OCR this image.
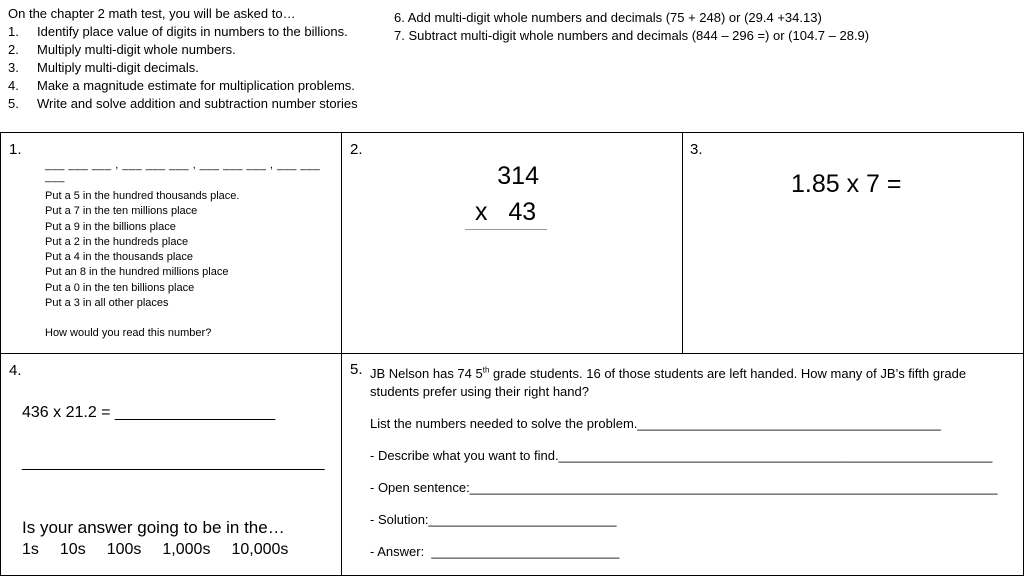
On the chapter 2 math test, you will be asked to…
1. Identify place value of digits in numbers to the billions.
2. Multiply multi-digit whole numbers.
3. Multiply multi-digit decimals.
4. Make a magnitude estimate for multiplication problems.
5. Write and solve addition and subtraction number stories
6. Add multi-digit whole numbers and decimals (75 + 248) or (29.4 +34.13)
7. Subtract multi-digit whole numbers and decimals (844 – 296 =) or (104.7 – 28.9)
1.
___ ___ ___ , ___ ___ ___ , ___ ___ ___ , ___ ___ ___
Put a 5 in the hundred thousands place.
Put a 7 in the ten millions place
Put a 9 in the billions place
Put a 2 in the hundreds place
Put a 4 in the thousands place
Put an 8 in the hundred millions place
Put a 0 in the ten billions place
Put a 3 in all other places
How would you read this number?
2.
314
x   43
3.
1.85 x 7 =
4.
436 x 21.2 = __________________
__________________________________
Is your answer going to be in the…
1s 10s 100s 1,000s 10,000s
5. JB Nelson has 74 5th grade students. 16 of those students are left handed. How many of JB’s fifth grade students prefer using their right hand?
List the numbers needed to solve the problem.__________________________________________
- Describe what you want to find.____________________________________________________________
- Open sentence:_________________________________________________________________________
- Solution:__________________________
- Answer:  __________________________
